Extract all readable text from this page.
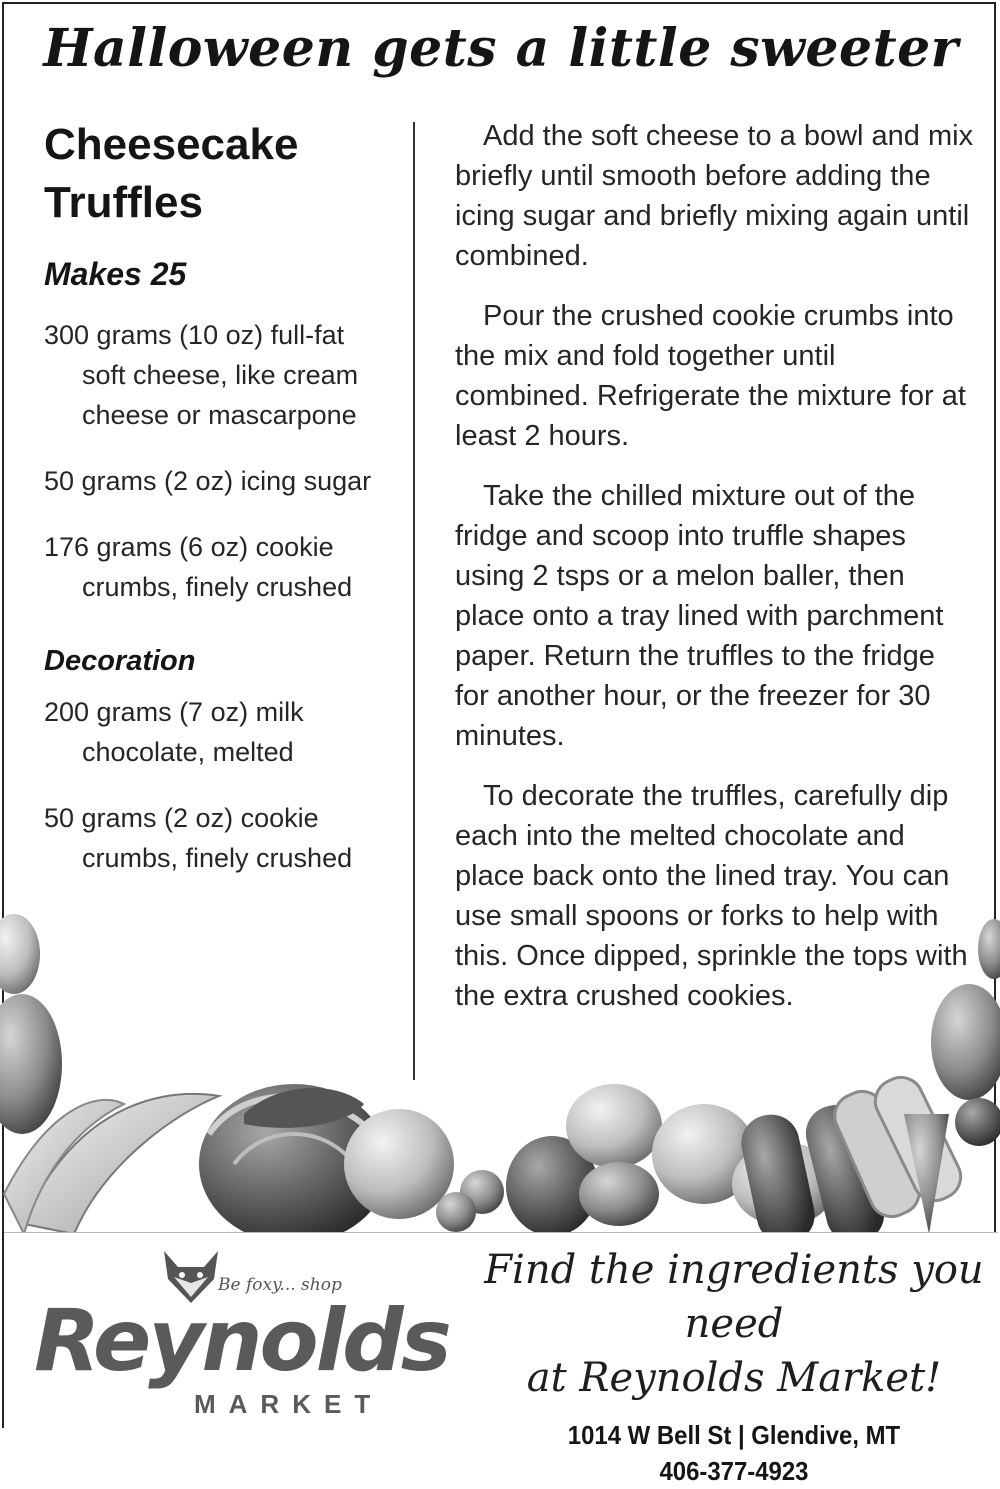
Halloween gets a little sweeter

Cheesecake

Truffles

Makes 25

300 grams (10 oz) full-fat soft cheese, like cream cheese or mascarpone

50 grams (2 oz) icing sugar

176 grams (6 oz) cookie crumbs, finely crushed

Decoration

200 grams (7 oz) milk chocolate, melted

50 grams (2 oz) cookie crumbs, finely crushed

Add the soft cheese to a bowl and mix briefly until smooth before adding the icing sugar and briefly mixing again until combined.

Pour the crushed cookie crumbs into the mix and fold together until combined. Refrigerate the mixture for at least 2 hours.

Take the chilled mixture out of the fridge and scoop into truffle shapes using 2 tsps or a melon baller, then place onto a tray lined with parchment paper. Return the truffles to the fridge for another hour, or the freezer for 30 minutes.

To decorate the truffles, carefully dip each into the melted chocolate and place back onto the lined tray. You can use small spoons or forks to help with this. Once dipped, sprinkle the tops with the extra crushed cookies.

Be foxy... shop
Reynolds
MARKET

Find the ingredients you need

at Reynolds Market!

1014 W Bell St | Glendive, MT
406-377-4923
